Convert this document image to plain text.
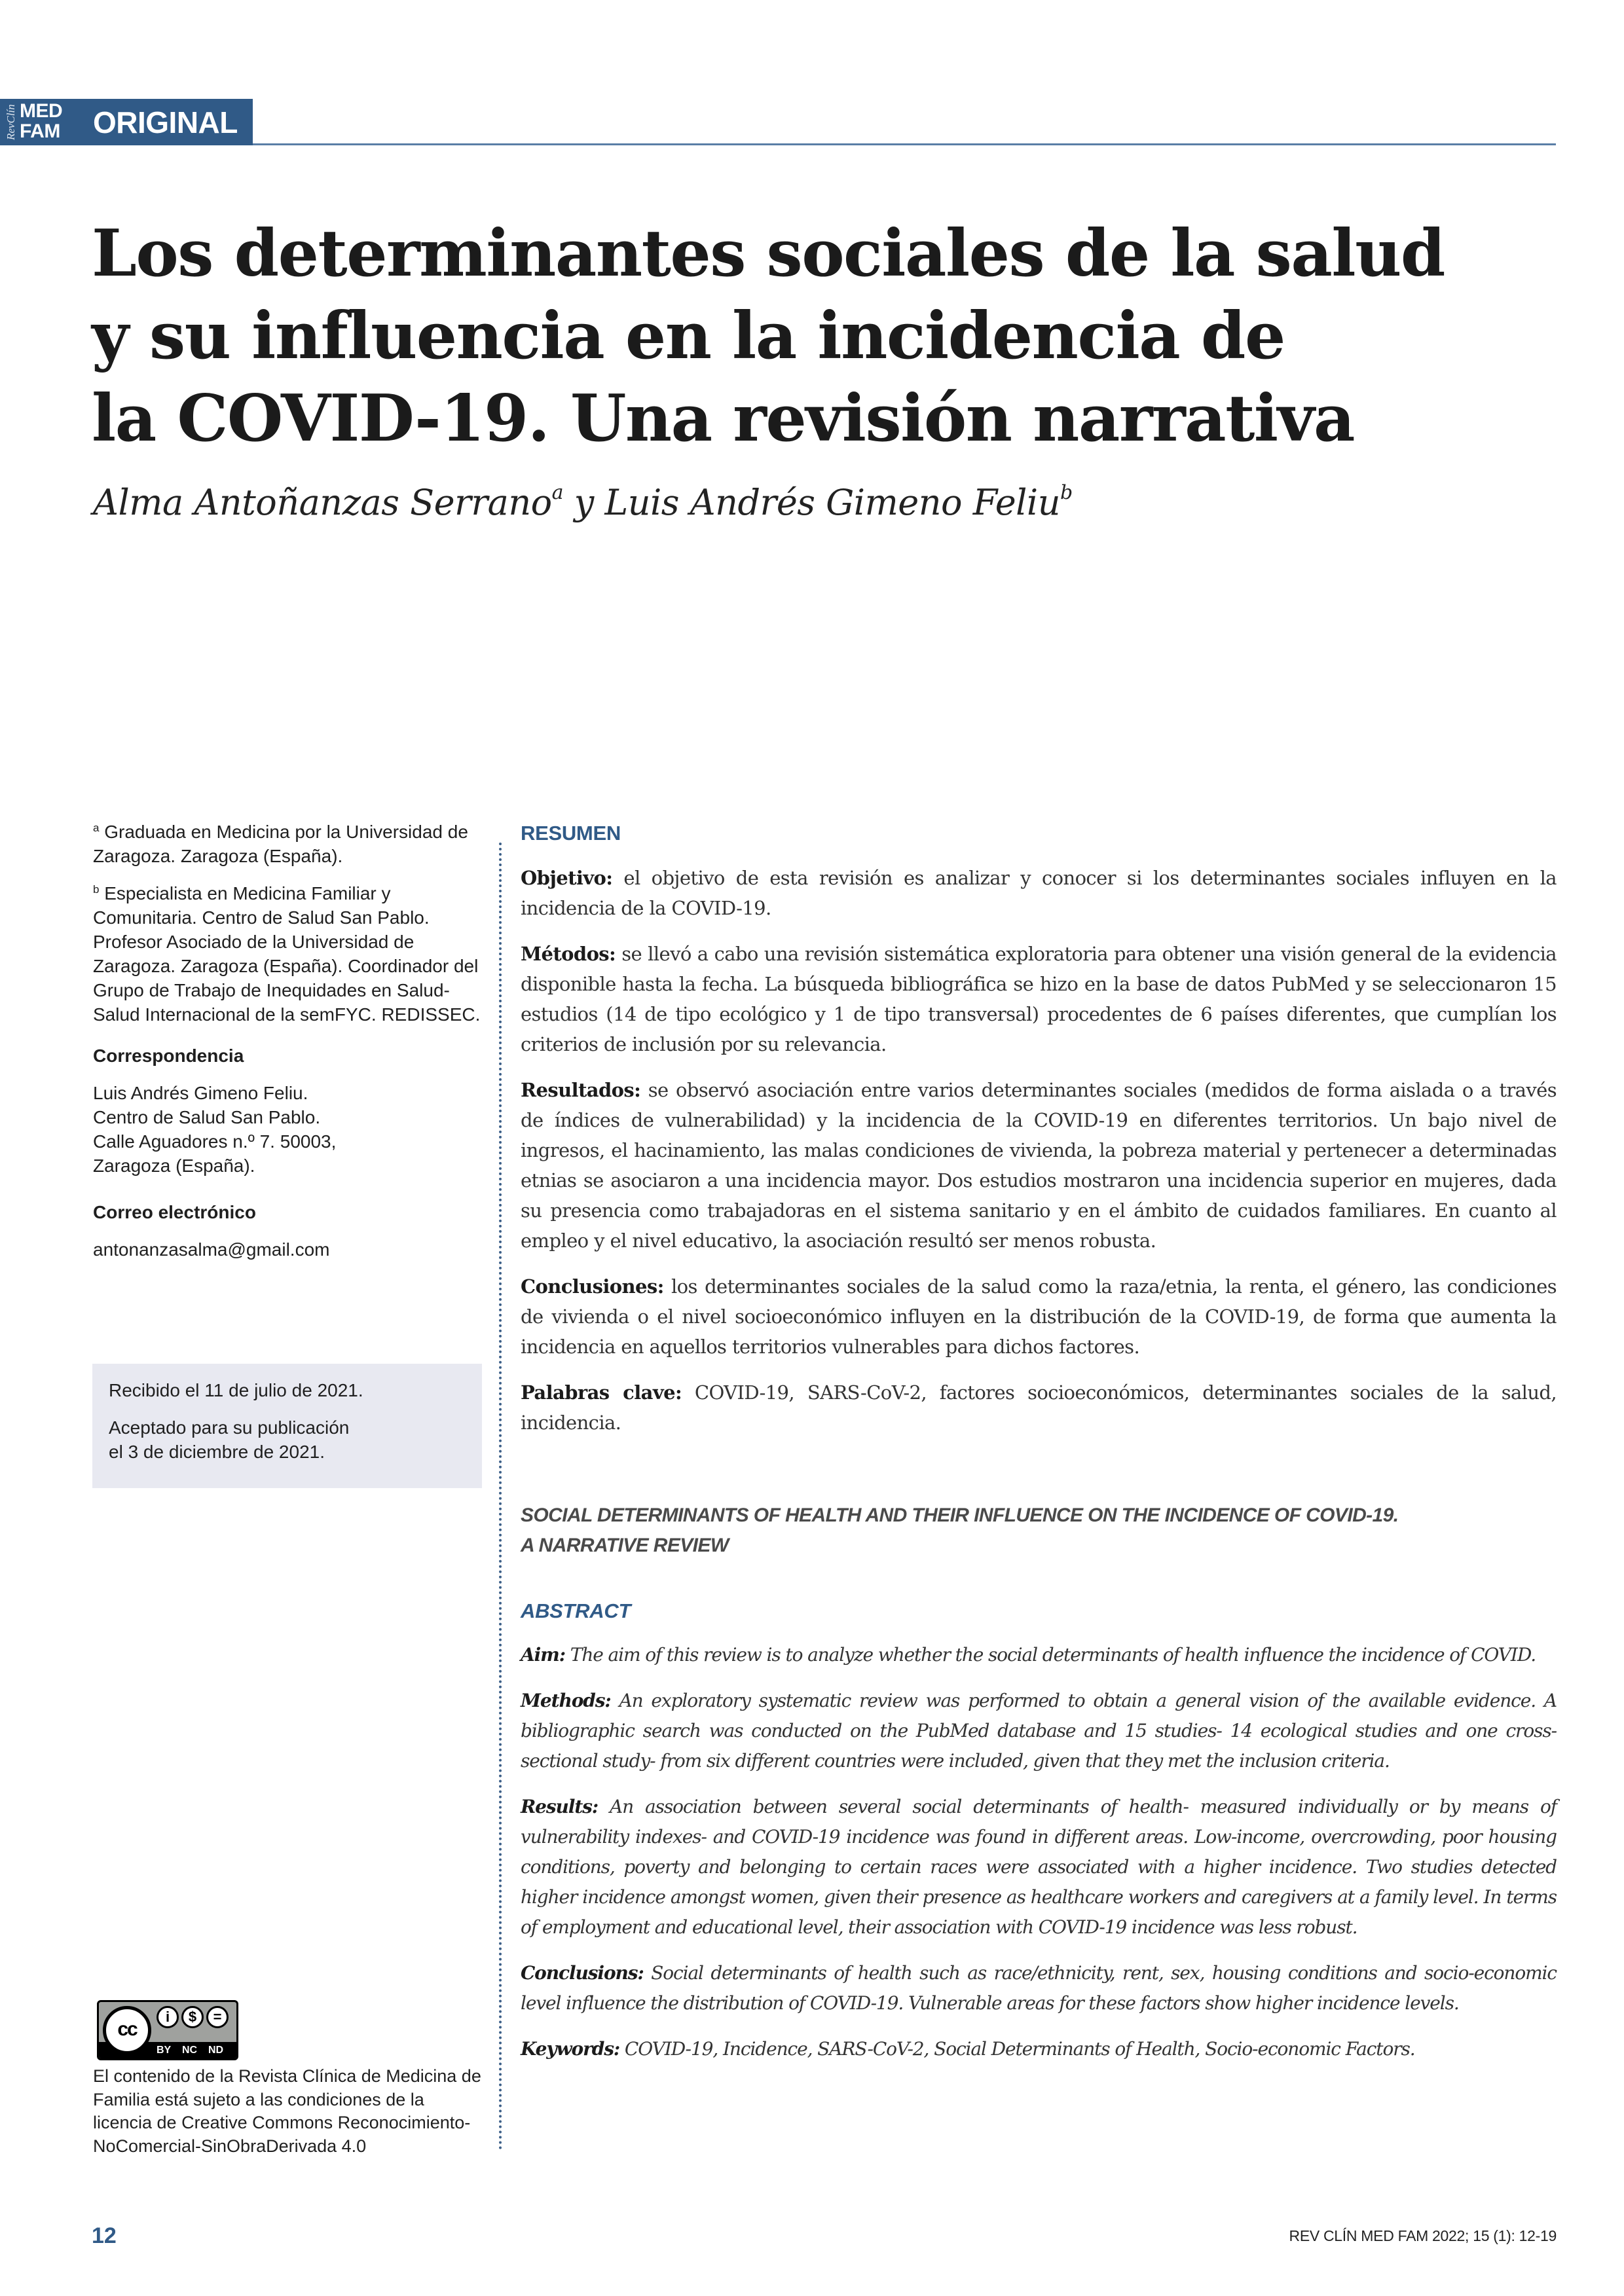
RevClín MED
FAM ORIGINAL
Los determinantes sociales de la salud
y su influencia en la incidencia de
la COVID-19. Una revisión narrativa
Alma Antoñanzas Serrano$^a$ y Luis Andrés Gimeno Feliu$^b$

$^a$ Graduada en Medicina por la Universidad de Zaragoza. Zaragoza (España).

$^b$ Especialista en Medicina Familiar y Comunitaria. Centro de Salud San Pablo. Profesor Asociado de la Universidad de Zaragoza. Zaragoza (España). Coordinador del Grupo de Trabajo de Inequidades en Salud-Salud Internacional de la semFYC. REDISSEC.

Correspondencia

Luis Andrés Gimeno Feliu.
Centro de Salud San Pablo.
Calle Aguadores n.º 7. 50003,
Zaragoza (España).

Correo electrónico

antonanzasalma@gmail.com

Recibido el 11 de julio de 2021.

Aceptado para su publicación
el 3 de diciembre de 2021.

cc
i	$	=
BY NC ND
El contenido de la Revista Clínica de Medicina de Familia está sujeto a las condiciones de la licencia de Creative Commons Reconocimiento-NoComercial-SinObraDerivada 4.0
RESUMEN

Objetivo: el objetivo de esta revisión es analizar y conocer si los determinantes sociales influyen en la incidencia de la COVID-19.

Métodos: se llevó a cabo una revisión sistemática exploratoria para obtener una visión general de la evidencia disponible hasta la fecha. La búsqueda bibliográfica se hizo en la base de datos PubMed y se seleccionaron 15 estudios (14 de tipo ecológico y 1 de tipo transversal) procedentes de 6 países diferentes, que cumplían los criterios de inclusión por su relevancia.

Resultados: se observó asociación entre varios determinantes sociales (medidos de forma aislada o a través de índices de vulnerabilidad) y la incidencia de la COVID-19 en diferentes territorios. Un bajo nivel de ingresos, el hacinamiento, las malas condiciones de vivienda, la pobreza material y pertenecer a determinadas etnias se asociaron a una incidencia mayor. Dos estudios mostraron una incidencia superior en mujeres, dada su presencia como trabajadoras en el sistema sanitario y en el ámbito de cuidados familiares. En cuanto al empleo y el nivel educativo, la asociación resultó ser menos robusta.

Conclusiones: los determinantes sociales de la salud como la raza/etnia, la renta, el género, las condiciones de vivienda o el nivel socioeconómico influyen en la distribución de la COVID-19, de forma que aumenta la incidencia en aquellos territorios vulnerables para dichos factores.

Palabras clave: COVID-19, SARS-CoV-2, factores socioeconómicos, determinantes sociales de la salud, incidencia.

SOCIAL DETERMINANTS OF HEALTH AND THEIR INFLUENCE ON THE INCIDENCE OF COVID-19.
A NARRATIVE REVIEW
ABSTRACT

Aim: The aim of this review is to analyze whether the social determinants of health influence the incidence of COVID.

Methods: An exploratory systematic review was performed to obtain a general vision of the available evidence. A bibliographic search was conducted on the PubMed database and 15 studies- 14 ecological studies and one cross-sectional study- from six different countries were included, given that they met the inclusion criteria.

Results: An association between several social determinants of health- measured individually or by means of vulnerability indexes- and COVID-19 incidence was found in different areas. Low-income, overcrowding, poor housing conditions, poverty and belonging to certain races were associated with a higher incidence. Two studies detected higher incidence amongst women, given their presence as healthcare workers and caregivers at a family level. In terms of employment and educational level, their association with COVID-19 incidence was less robust.

Conclusions: Social determinants of health such as race/ethnicity, rent, sex, housing conditions and socio-economic level influence the distribution of COVID-19. Vulnerable areas for these factors show higher incidence levels.

Keywords: COVID-19, Incidence, SARS-CoV-2, Social Determinants of Health, Socio-economic Factors.

12	REV CLÍN MED FAM 2022; 15 (1): 12-19
